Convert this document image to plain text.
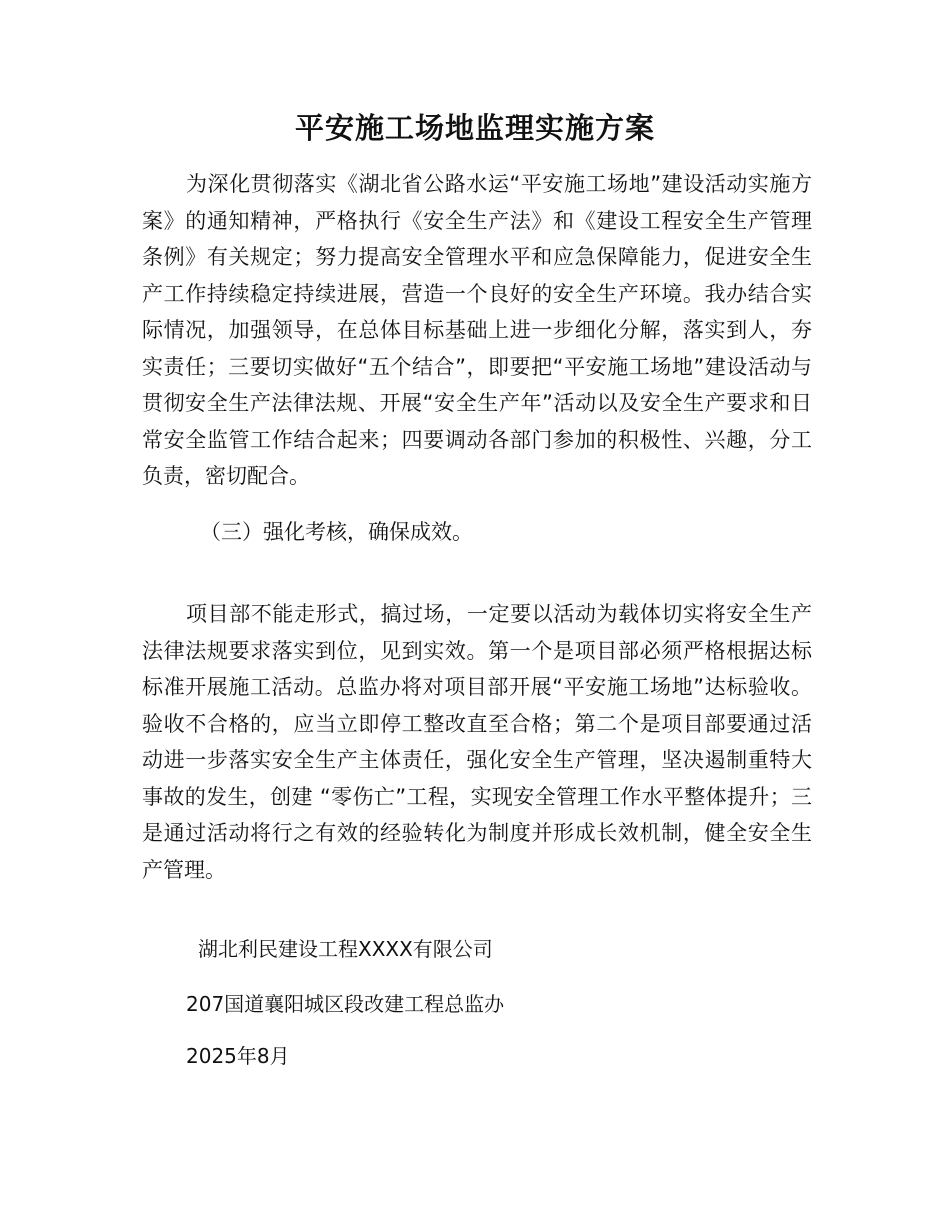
平安施工场地监理实施方案

为深化贯彻落实《湖北省公路水运“平安施工场地”建设活动实施方案》的通知精神，严格执行《安全生产法》和《建设工程安全生产管理条例》有关规定；努力提高安全管理水平和应急保障能力，促进安全生产工作持续稳定持续进展，营造一个良好的安全生产环境。我办结合实际情况，加强领导，在总体目标基础上进一步细化分解，落实到人，夯实责任；三要切实做好“五个结合”，即要把“平安施工场地”建设活动与贯彻安全生产法律法规、开展“安全生产年”活动以及安全生产要求和日常安全监管工作结合起来；四要调动各部门参加的积极性、兴趣，分工负责，密切配合。

（三）强化考核，确保成效。

项目部不能走形式，搞过场，一定要以活动为载体切实将安全生产法律法规要求落实到位，见到实效。第一个是项目部必须严格根据达标标准开展施工活动。总监办将对项目部开展“平安施工场地”达标验收。验收不合格的，应当立即停工整改直至合格；第二个是项目部要通过活动进一步落实安全生产主体责任，强化安全生产管理，坚决遏制重特大事故的发生，创建 “零伤亡”工程，实现安全管理工作水平整体提升；三是通过活动将行之有效的经验转化为制度并形成长效机制，健全安全生产管理。

湖北利民建设工程XXXX有限公司

207国道襄阳城区段改建工程总监办

2025年8月
